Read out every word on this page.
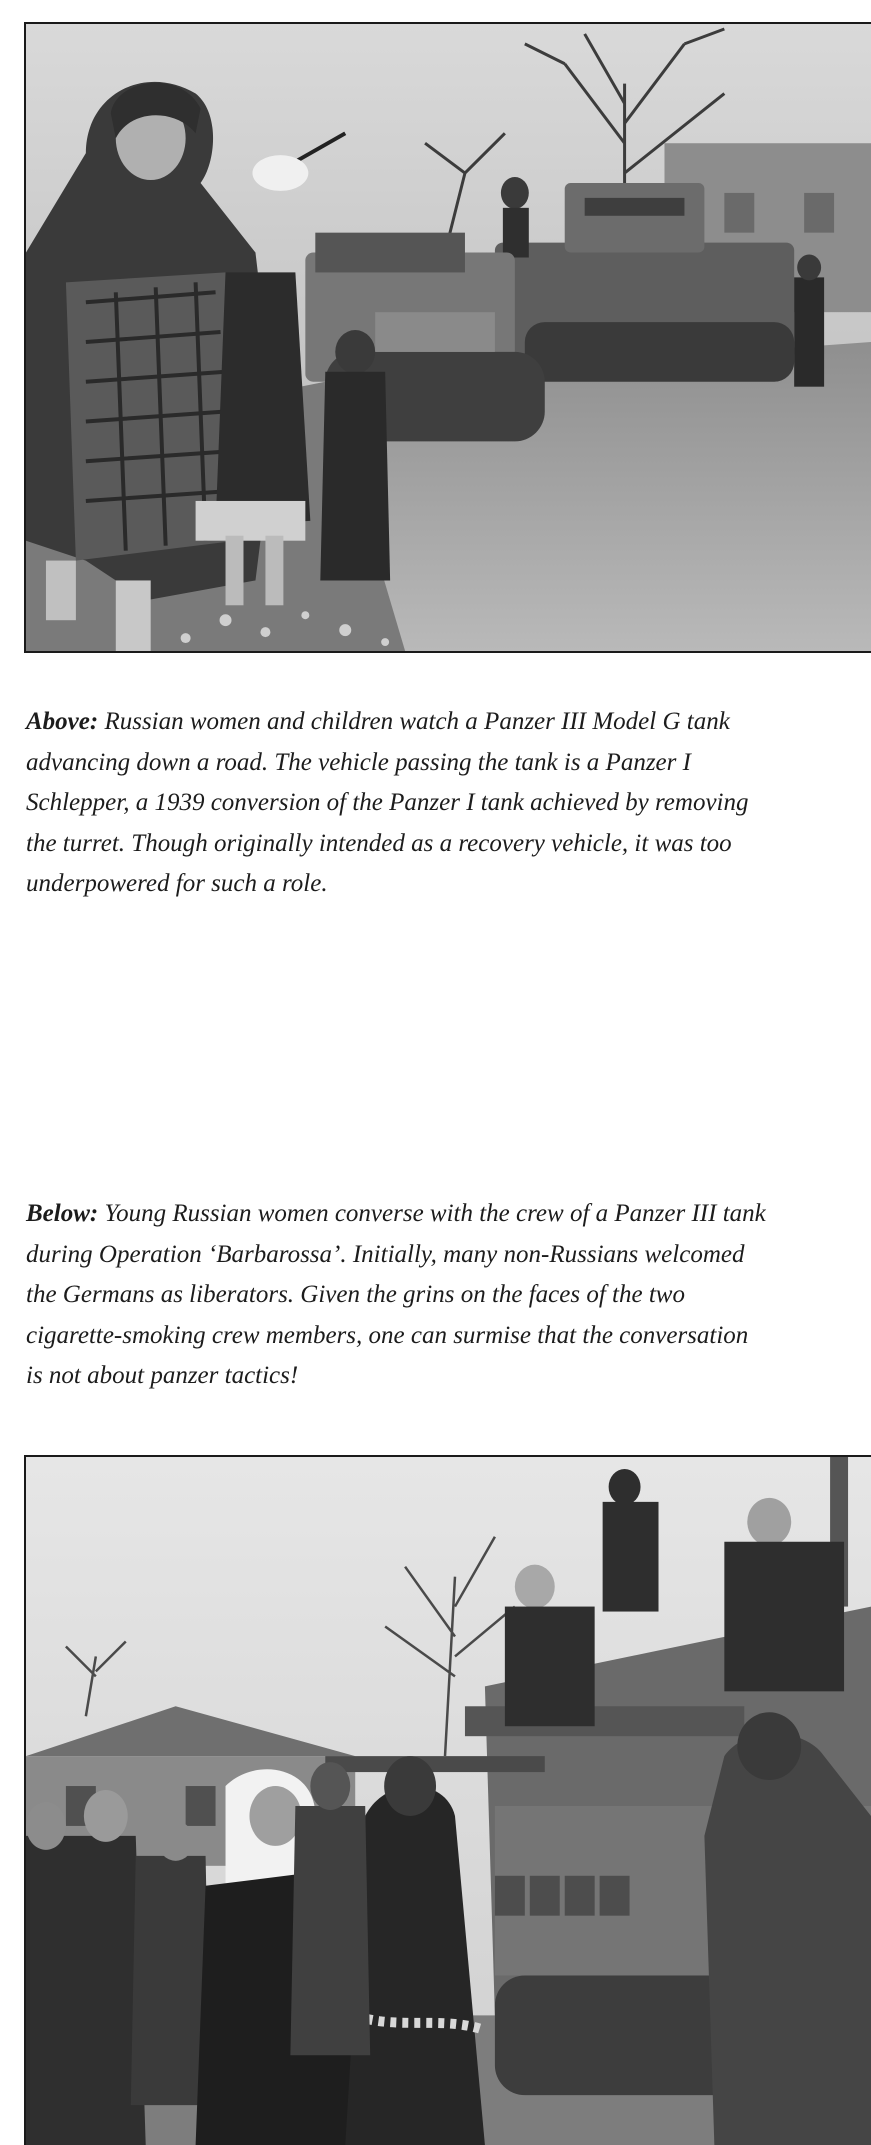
Above: Russian women and children watch a Panzer III Model G tank advancing down a road. The vehicle passing the tank is a Panzer I Schlepper, a 1939 conversion of the Panzer I tank achieved by removing the turret. Though originally intended as a recovery vehicle, it was too underpowered for such a role.

Below: Young Russian women converse with the crew of a Panzer III tank during Operation ‘Barbarossa’. Initially, many non-Russians welcomed the Germans as liberators. Given the grins on the faces of the two cigarette-smoking crew members, one can surmise that the conversation is not about panzer tactics!
